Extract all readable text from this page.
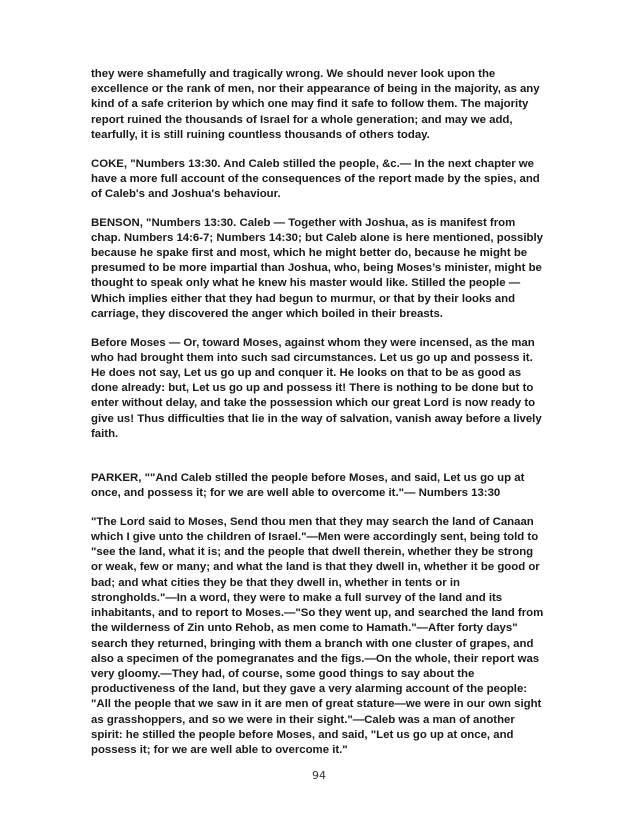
they were shamefully and tragically wrong. We should never look upon the excellence or the rank of men, nor their appearance of being in the majority, as any kind of a safe criterion by which one may find it safe to follow them. The majority report ruined the thousands of Israel for a whole generation; and may we add, tearfully, it is still ruining countless thousands of others today.

COKE, "Numbers 13:30. And Caleb stilled the people, &c.— In the next chapter we have a more full account of the consequences of the report made by the spies, and of Caleb's and Joshua's behaviour.

BENSON, "Numbers 13:30. Caleb — Together with Joshua, as is manifest from chap. Numbers 14:6-7; Numbers 14:30; but Caleb alone is here mentioned, possibly because he spake first and most, which he might better do, because he might be presumed to be more impartial than Joshua, who, being Moses’s minister, might be thought to speak only what he knew his master would like. Stilled the people — Which implies either that they had begun to murmur, or that by their looks and carriage, they discovered the anger which boiled in their breasts.

Before Moses — Or, toward Moses, against whom they were incensed, as the man who had brought them into such sad circumstances. Let us go up and possess it. He does not say, Let us go up and conquer it. He looks on that to be as good as done already: but, Let us go up and possess it! There is nothing to be done but to enter without delay, and take the possession which our great Lord is now ready to give us! Thus difficulties that lie in the way of salvation, vanish away before a lively faith.

PARKER, ""And Caleb stilled the people before Moses, and said, Let us go up at once, and possess it; for we are well able to overcome it."— Numbers 13:30

"The Lord said to Moses, Send thou men that they may search the land of Canaan which I give unto the children of Israel."—Men were accordingly sent, being told to "see the land, what it is; and the people that dwell therein, whether they be strong or weak, few or many; and what the land is that they dwell in, whether it be good or bad; and what cities they be that they dwell in, whether in tents or in strongholds."—In a word, they were to make a full survey of the land and its inhabitants, and to report to Moses.—"So they went up, and searched the land from the wilderness of Zin unto Rehob, as men come to Hamath."—After forty days" search they returned, bringing with them a branch with one cluster of grapes, and also a specimen of the pomegranates and the figs.—On the whole, their report was very gloomy.—They had, of course, some good things to say about the productiveness of the land, but they gave a very alarming account of the people: "All the people that we saw in it are men of great stature—we were in our own sight as grasshoppers, and so we were in their sight."—Caleb was a man of another spirit: he stilled the people before Moses, and said, "Let us go up at once, and possess it; for we are well able to overcome it."

94
